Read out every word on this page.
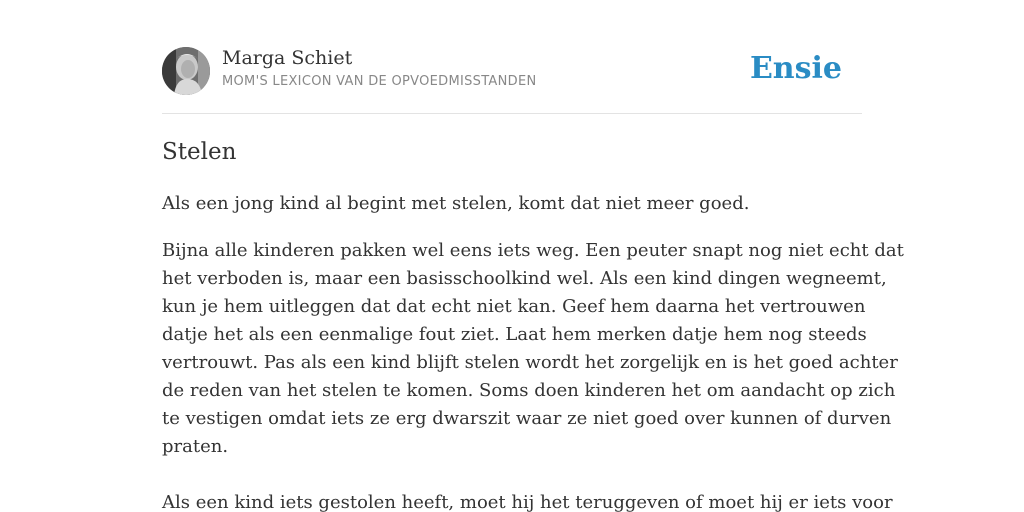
Marga Schiet
MOM'S LEXICON VAN DE OPVOEDMISSTANDEN	Ensie
Stelen

Als een jong kind al begint met stelen, komt dat niet meer goed.

Bijna alle kinderen pakken wel eens iets weg. Een peuter snapt nog niet echt dat
het verboden is, maar een basisschoolkind wel. Als een kind dingen wegneemt,
kun je hem uitleggen dat dat echt niet kan. Geef hem daarna het vertrouwen
datje het als een eenmalige fout ziet. Laat hem merken datje hem nog steeds
vertrouwt. Pas als een kind blijft stelen wordt het zorgelijk en is het goed achter
de reden van het stelen te komen. Soms doen kinderen het om aandacht op zich
te vestigen omdat iets ze erg dwarszit waar ze niet goed over kunnen of durven
praten.

Als een kind iets gestolen heeft, moet hij het teruggeven of moet hij er iets voor
